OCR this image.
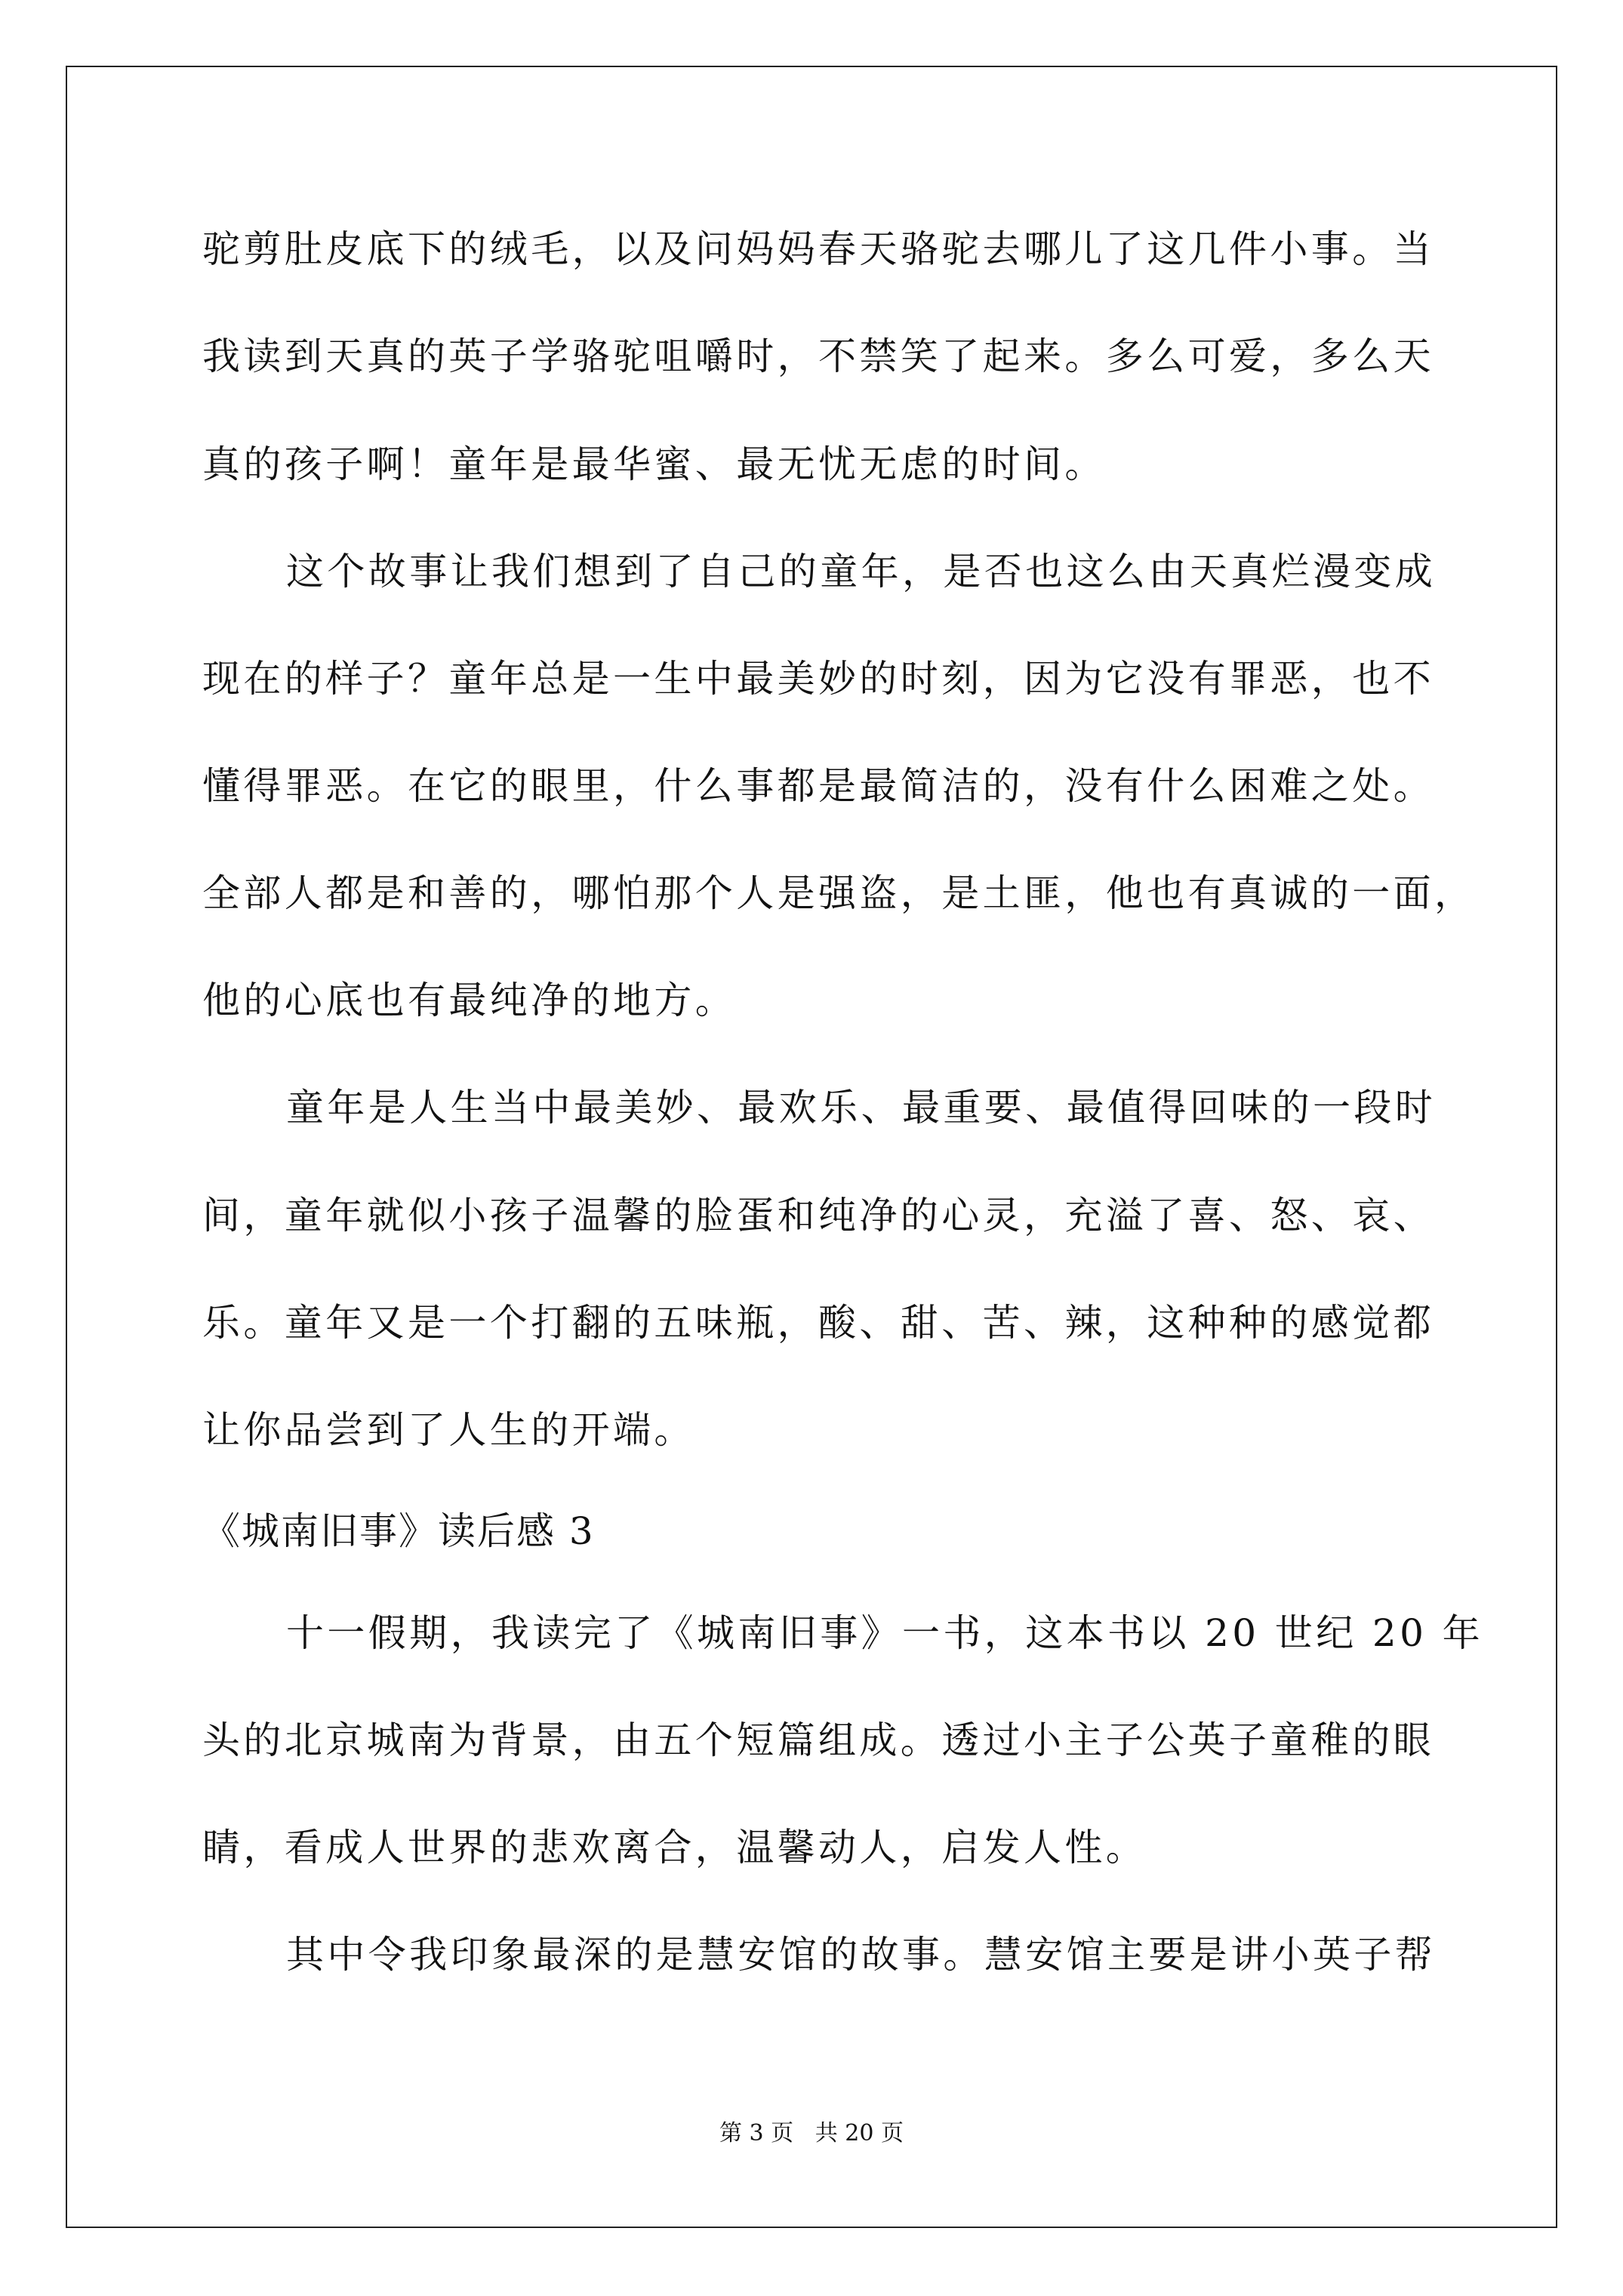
驼剪肚皮底下的绒毛，以及问妈妈春天骆驼去哪儿了这几件小事。当
我读到天真的英子学骆驼咀嚼时，不禁笑了起来。多么可爱，多么天
真的孩子啊！童年是最华蜜、最无忧无虑的时间。
这个故事让我们想到了自己的童年，是否也这么由天真烂漫变成
现在的样子？童年总是一生中最美妙的时刻，因为它没有罪恶，也不
懂得罪恶。在它的眼里，什么事都是最简洁的，没有什么困难之处。
全部人都是和善的，哪怕那个人是强盗，是土匪，他也有真诚的一面，
他的心底也有最纯净的地方。
童年是人生当中最美妙、最欢乐、最重要、最值得回味的一段时
间，童年就似小孩子温馨的脸蛋和纯净的心灵，充溢了喜、怒、哀、
乐。童年又是一个打翻的五味瓶，酸、甜、苦、辣，这种种的感觉都
让你品尝到了人生的开端。
《城南旧事》读后感 3
十一假期，我读完了《城南旧事》一书，这本书以 20 世纪 20 年
头的北京城南为背景，由五个短篇组成。透过小主子公英子童稚的眼
睛，看成人世界的悲欢离合，温馨动人，启发人性。
其中令我印象最深的是慧安馆的故事。慧安馆主要是讲小英子帮
第 3 页   共 20 页
